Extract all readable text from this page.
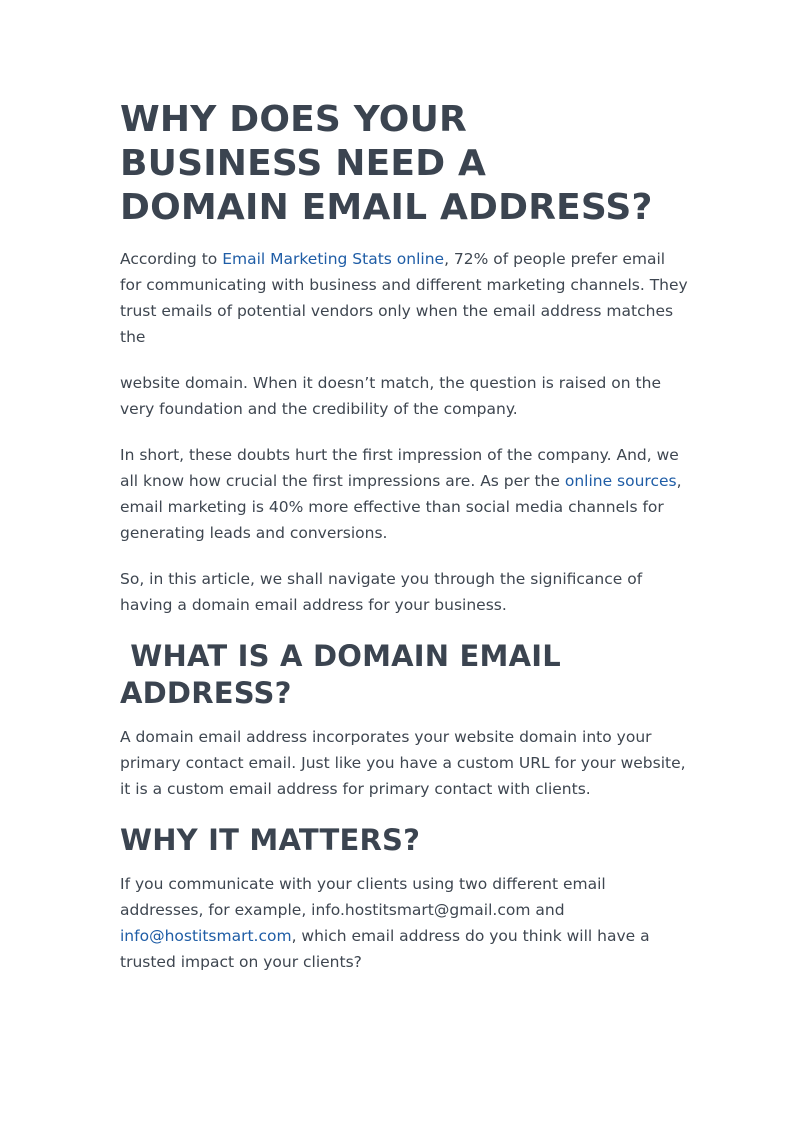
WHY DOES YOUR
BUSINESS NEED A
DOMAIN EMAIL ADDRESS?

According to Email Marketing Stats online, 72% of people prefer email for communicating with business and different marketing channels. They trust emails of potential vendors only when the email address matches the

website domain. When it doesn’t match, the question is raised on the very foundation and the credibility of the company.

In short, these doubts hurt the first impression of the company. And, we all know how crucial the first impressions are. As per the online sources, email marketing is 40% more effective than social media channels for generating leads and conversions.

So, in this article, we shall navigate you through the significance of having a domain email address for your business.

WHAT IS A DOMAIN EMAIL ADDRESS?

A domain email address incorporates your website domain into your primary contact email. Just like you have a custom URL for your website, it is a custom email address for primary contact with clients.

WHY IT MATTERS?

If you communicate with your clients using two different email addresses, for example, info.hostitsmart@gmail.com and info@hostitsmart.com, which email address do you think will have a trusted impact on your clients?
